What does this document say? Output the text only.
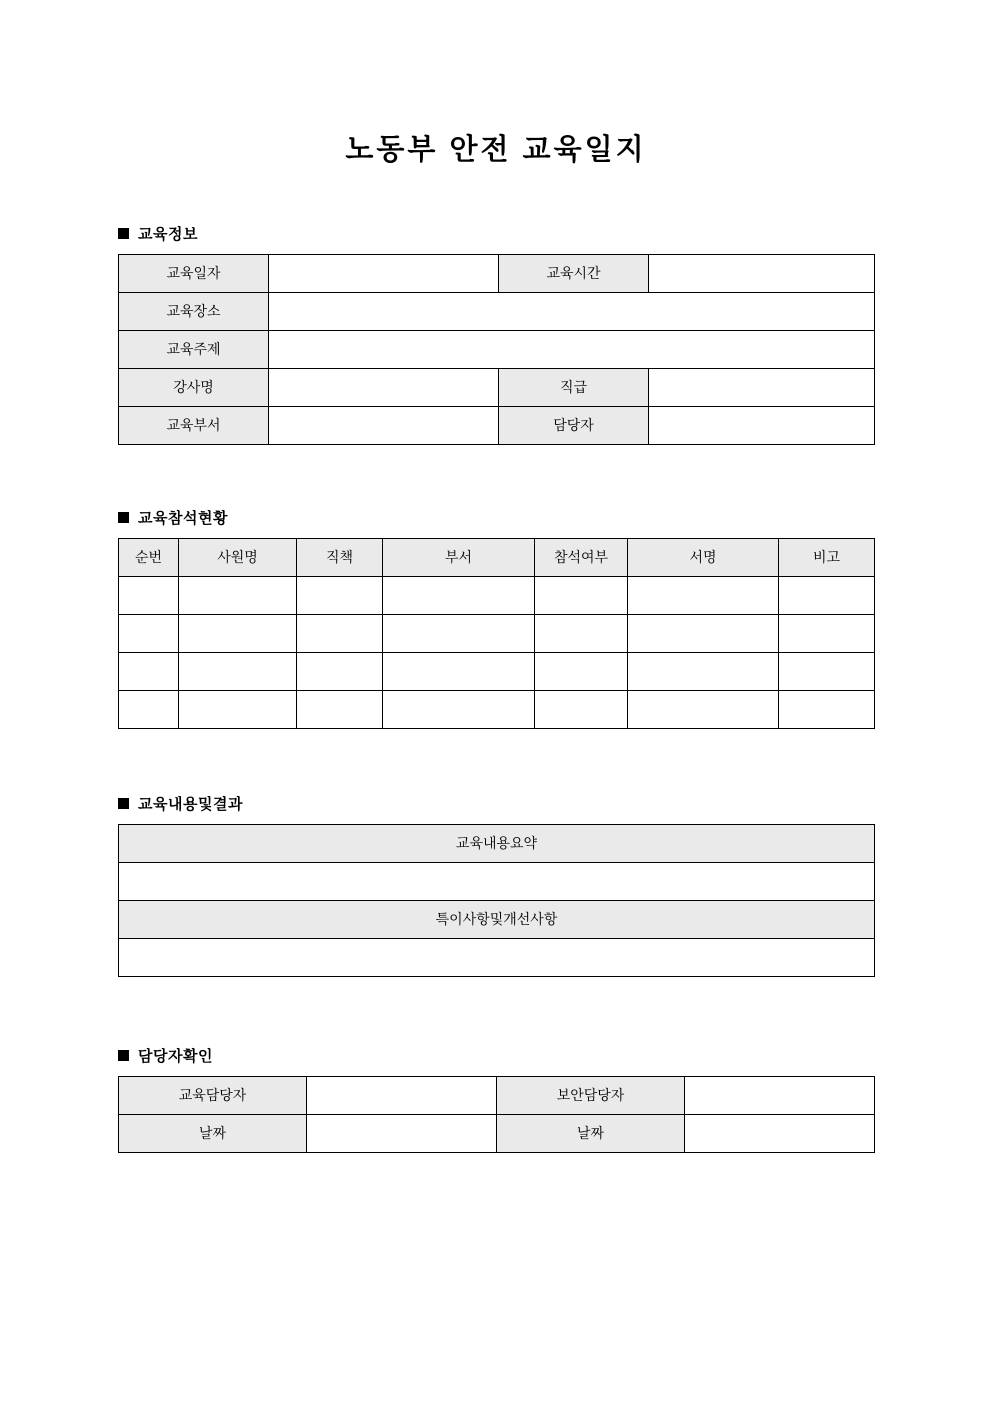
노동부 안전 교육일지
교육정보
교육일자		교육시간	
교육장소			
교육주제			
강사명		직급	
교육부서		담당자	
교육참석현황
순번	사원명	직책	부서	참석여부	서명	비고

교육내용및결과
교육내용요약

특이사항및개선사항

담당자확인
교육담당자		보안담당자	
날짜		날짜	
